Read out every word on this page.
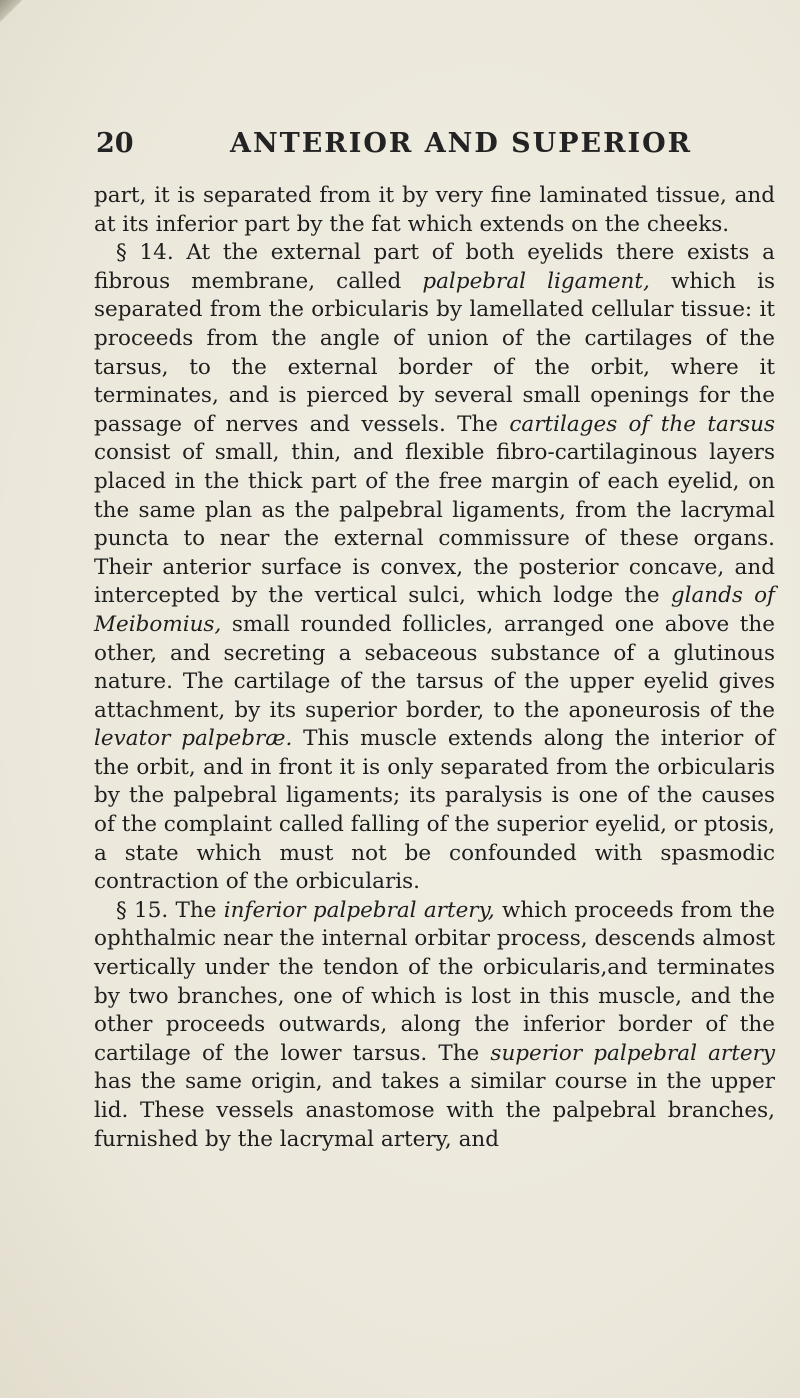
20	ANTERIOR AND SUPERIOR

part, it is separated from it by very fine laminated tissue, and at its inferior part by the fat which extends on the cheeks.

§ 14. At the external part of both eyelids there exists a fibrous membrane, called palpebral ligament, which is separated from the orbicularis by lamellated cellular tissue: it proceeds from the angle of union of the cartilages of the tarsus, to the external border of the orbit, where it terminates, and is pierced by several small openings for the passage of nerves and vessels. The cartilages of the tarsus consist of small, thin, and flexible fibro-cartilaginous layers placed in the thick part of the free margin of each eyelid, on the same plan as the palpebral ligaments, from the lacrymal puncta to near the external commissure of these organs. Their anterior surface is convex, the posterior concave, and intercepted by the vertical sulci, which lodge the glands of Meibomius, small rounded follicles, arranged one above the other, and secreting a sebaceous substance of a glutinous nature. The cartilage of the tarsus of the upper eyelid gives attachment, by its superior border, to the aponeurosis of the levator palpebræ. This muscle extends along the interior of the orbit, and in front it is only separated from the orbicularis by the palpebral ligaments; its paralysis is one of the causes of the complaint called falling of the superior eyelid, or ptosis, a state which must not be confounded with spasmodic contraction of the orbicularis.

§ 15. The inferior palpebral artery, which proceeds from the ophthalmic near the internal orbitar process, descends almost vertically under the tendon of the orbicularis,and terminates by two branches, one of which is lost in this muscle, and the other proceeds outwards, along the inferior border of the cartilage of the lower tarsus. The superior palpebral artery has the same origin, and takes a similar course in the upper lid. These vessels anastomose with the palpebral branches, furnished by the lacrymal artery, and
